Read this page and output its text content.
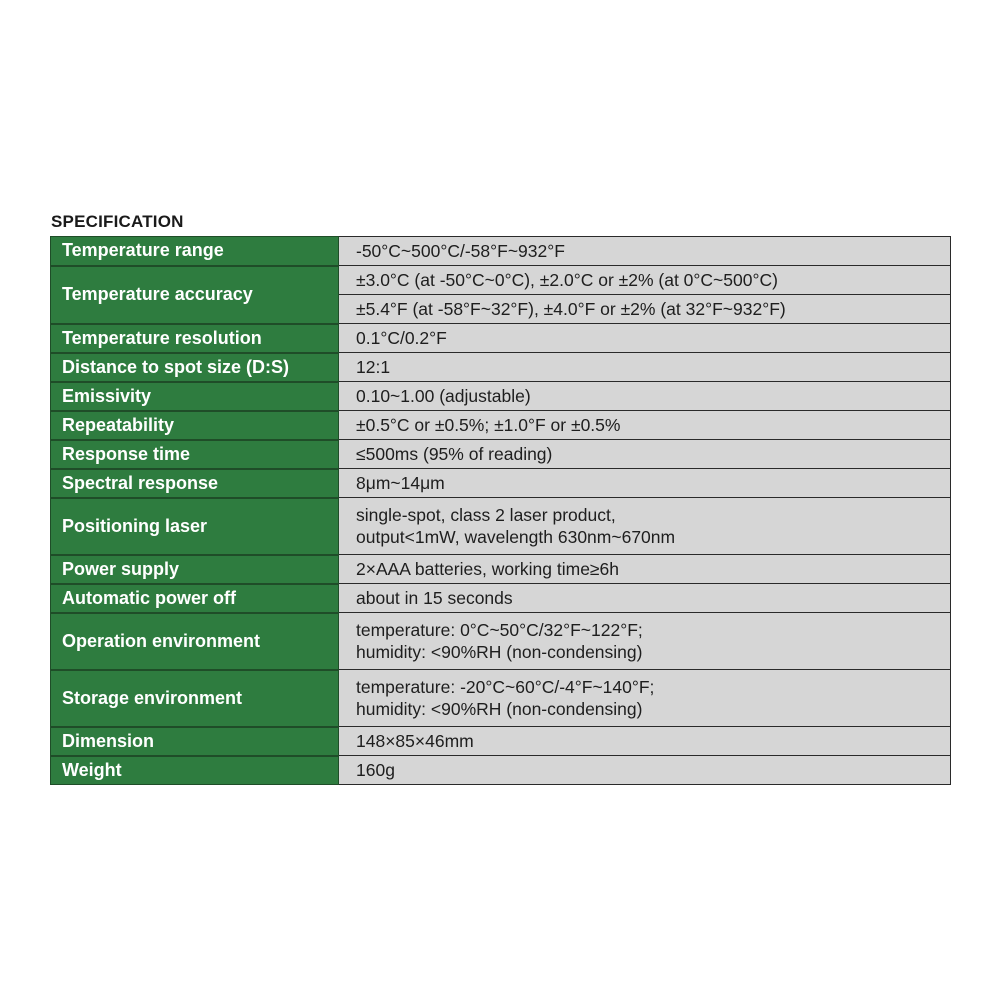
SPECIFICATION
Temperature range	-50°C~500°C/-58°F~932°F

Temperature accuracy	±3.0°C (at -50°C~0°C), ±2.0°C or ±2% (at 0°C~500°C)
	±5.4°F (at -58°F~32°F), ±4.0°F or ±2% (at 32°F~932°F)
Temperature resolution	0.1°C/0.2°F

Distance to spot size (D:S)	12:1

Emissivity	0.10~1.00 (adjustable)

Repeatability	±0.5°C or ±0.5%; ±1.0°F or ±0.5%

Response time	≤500ms (95% of reading)

Spectral response	8μm~14μm

Positioning laser	single-spot, class 2 laser product,
output<1mW, wavelength 630nm~670nm

Power supply	2×AAA batteries, working time≥6h

Automatic power off	about in 15 seconds

Operation environment	temperature: 0°C~50°C/32°F~122°F;
humidity: <90%RH (non-condensing)

Storage environment	temperature: -20°C~60°C/-4°F~140°F;
humidity: <90%RH (non-condensing)

Dimension	148×85×46mm

Weight	160g
